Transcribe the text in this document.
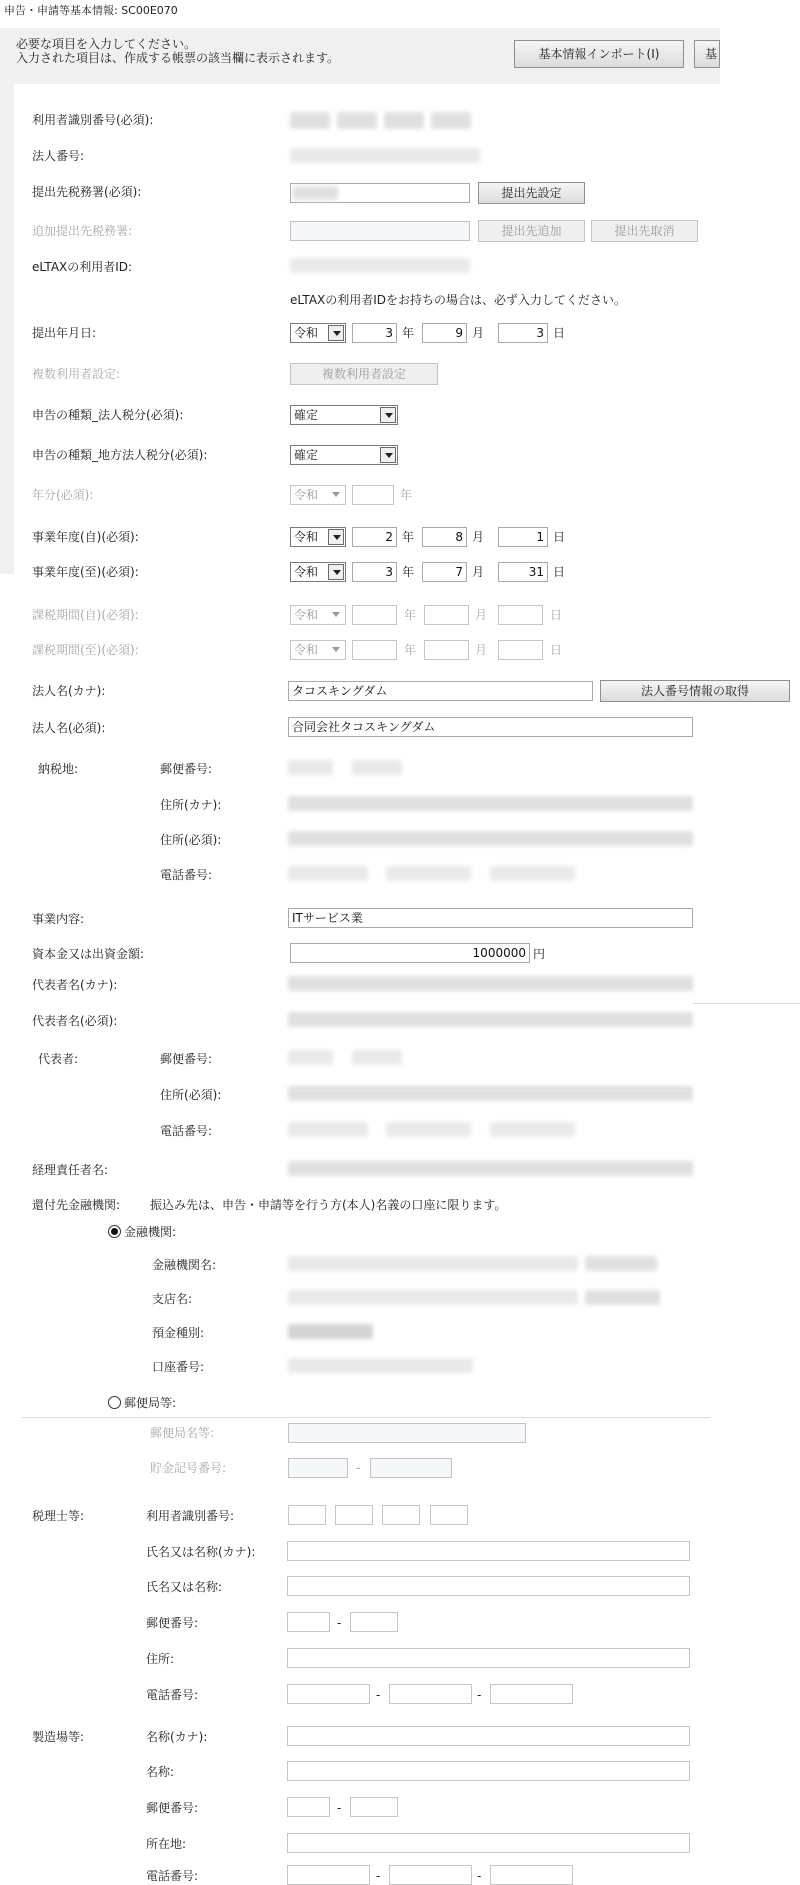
申告・申請等基本情報: SC00E070
必要な項目を入力してください。
入力された項目は、作成する帳票の該当欄に表示されます。	基本情報インポート(I)	基
利用者識別番号(必須):
法人番号:
提出先税務署(必須):	提出先設定
追加提出先税務署:	提出先追加	提出先取消
eLTAXの利用者ID:
eLTAXの利用者IDをお持ちの場合は、必ず入力してください。
提出年月日:	令和	3 年	9 月	3 日
複数利用者設定:	複数利用者設定
申告の種類_法人税分(必須):	確定
申告の種類_地方法人税分(必須):	確定
年分(必須):	令和	年
事業年度(自)(必須):	令和	2 年	8 月	1 日
事業年度(至)(必須):	令和	3 年	7 月	31 日
課税期間(自)(必須):	令和	年	月	日
課税期間(至)(必須):	令和	年	月	日
法人名(カナ):	タコスキングダム	法人番号情報の取得
法人名(必須):	合同会社タコスキングダム
納税地:	郵便番号:
住所(カナ):
住所(必須):
電話番号:
事業内容:	ITサービス業
資本金又は出資金額:	1000000 円
代表者名(カナ):
代表者名(必須):
代表者:	郵便番号:
住所(必須):
電話番号:
経理責任者名:
還付先金融機関: 振込み先は、申告・申請等を行う方(本人)名義の口座に限ります。
金融機関:
金融機関名:
支店名:
預金種別:
口座番号:
郵便局等:
郵便局名等:
貯金記号番号:	-
税理士等:	利用者識別番号:
氏名又は名称(カナ):
氏名又は名称:
郵便番号:	-
住所:
電話番号:	-	-
製造場等:	名称(カナ):
名称:
郵便番号:	-
所在地:
電話番号:	-	-
